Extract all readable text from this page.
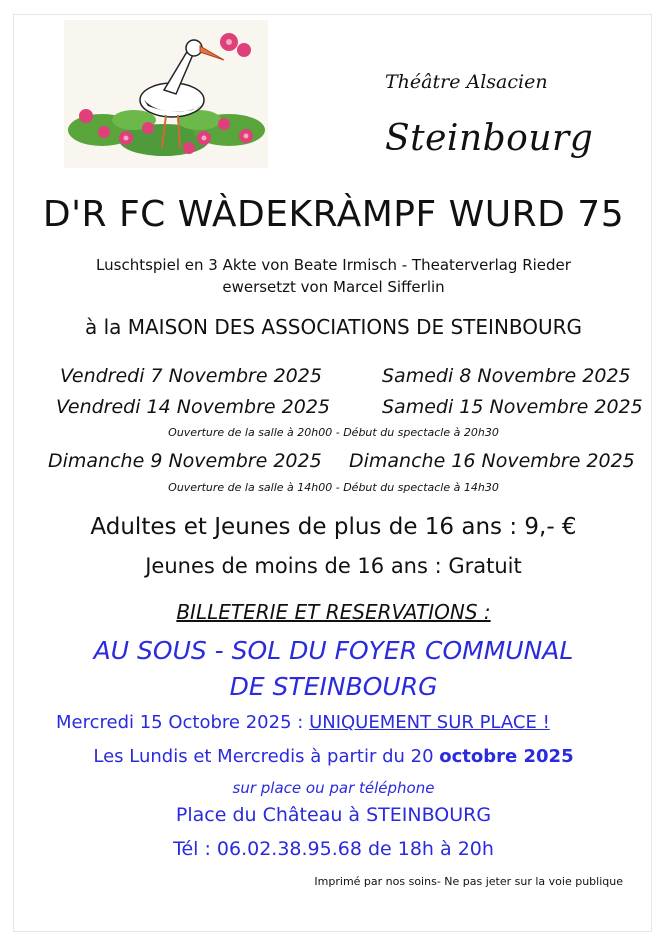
Théâtre Alsacien
Steinbourg
D'R FC WÀDEKRÀMPF WURD 75
Luschtspiel en 3 Akte von Beate Irmisch - Theaterverlag Rieder
ewersetzt von Marcel Sifferlin
à la MAISON DES ASSOCIATIONS DE STEINBOURG
Vendredi 7 Novembre 2025	Samedi 8 Novembre 2025
Vendredi 14 Novembre 2025	Samedi 15 Novembre 2025
Ouverture de la salle à 20h00 - Début du spectacle à 20h30
Dimanche 9 Novembre 2025 Dimanche 16 Novembre 2025
Ouverture de la salle à 14h00 - Début du spectacle à 14h30
Adultes et Jeunes de plus de 16 ans : 9,- €
Jeunes de moins de 16 ans : Gratuit
BILLETERIE ET RESERVATIONS :
AU SOUS - SOL DU FOYER COMMUNAL
DE STEINBOURG
Mercredi 15 Octobre 2025 : UNIQUEMENT SUR PLACE !
Les Lundis et Mercredis à partir du 20 octobre 2025
sur place ou par téléphone
Place du Château à STEINBOURG
Tél : 06.02.38.95.68 de 18h à 20h
Imprimé par nos soins- Ne pas jeter sur la voie publique
